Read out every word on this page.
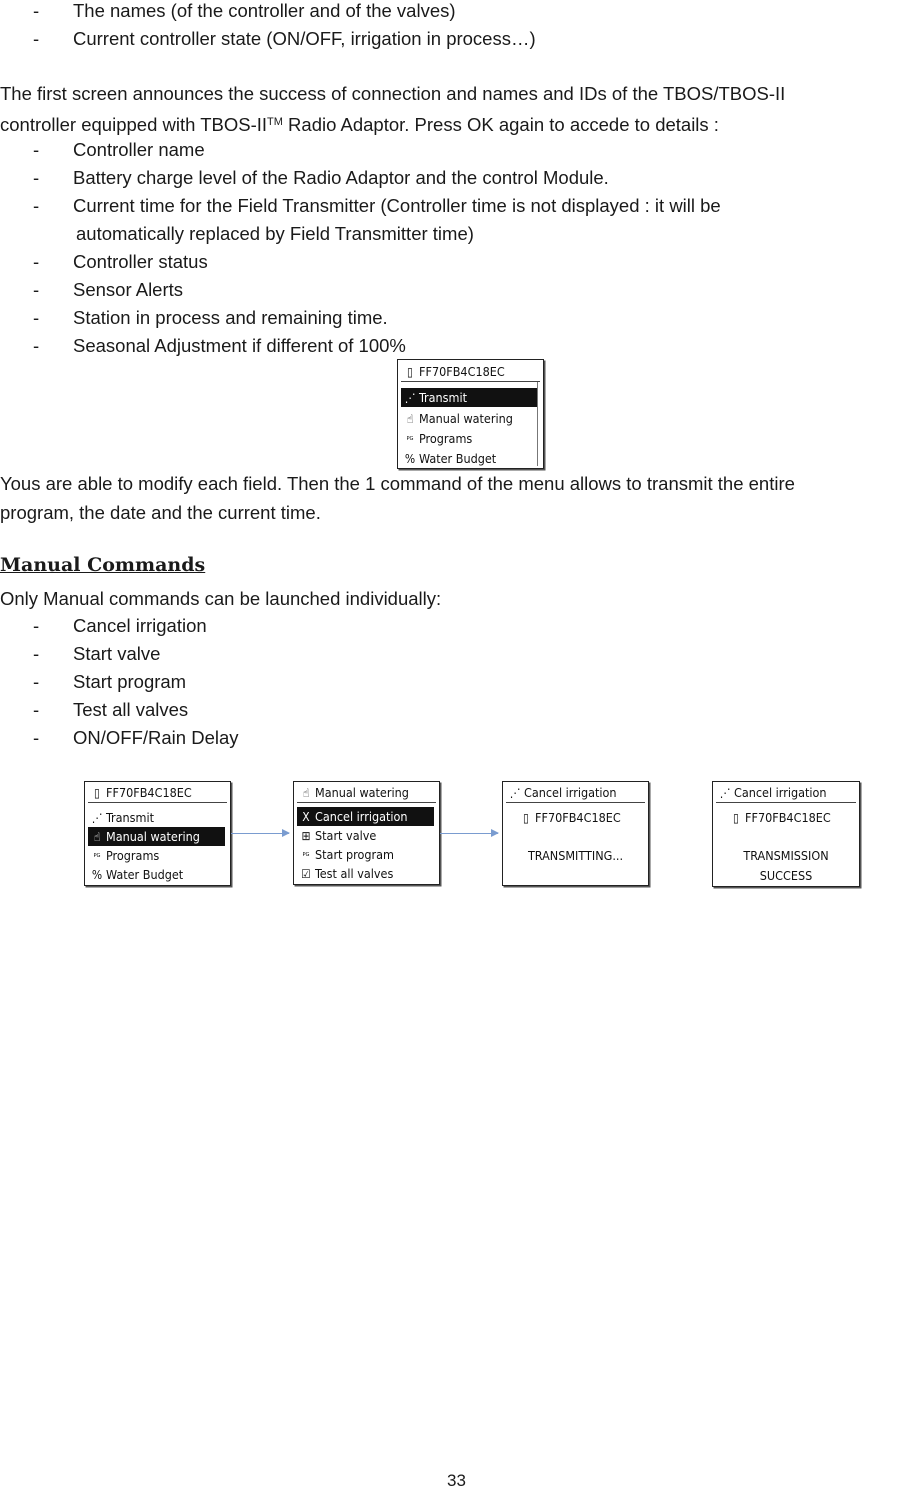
- The names (of the controller and of the valves)
- Current controller state (ON/OFF, irrigation in process…)
The first screen announces the success of connection and names and IDs of the TBOS/TBOS-II
controller equipped with TBOS-II™ Radio Adaptor. Press OK again to accede to details :
- Controller name
- Battery charge level of the Radio Adaptor and the control Module.
- Current time for the Field Transmitter (Controller time is not displayed : it will be
automatically replaced by Field Transmitter time)
- Controller status
- Sensor Alerts
- Station in process and remaining time.
- Seasonal Adjustment if different of 100%
▯ FF70FB4C18EC
⋰ Transmit
☝ Manual watering
ᴾᴳ Programs
% Water Budget
Yous are able to modify each field. Then the 1 command of the menu allows to transmit the entire
program, the date and the current time.
Manual Commands
Only Manual commands can be launched individually:
- Cancel irrigation
- Start valve
- Start program
- Test all valves
- ON/OFF/Rain Delay
▯ FF70FB4C18EC
⋰ Transmit
☝ Manual watering
ᴾᴳ Programs
% Water Budget
☝ Manual watering
X Cancel irrigation
⊞ Start valve
ᴾᴳ Start program
☑ Test all valves
⋰ Cancel irrigation
▯ FF70FB4C18EC
TRANSMITTING...
⋰ Cancel irrigation
▯ FF70FB4C18EC
TRANSMISSION
SUCCESS
33
